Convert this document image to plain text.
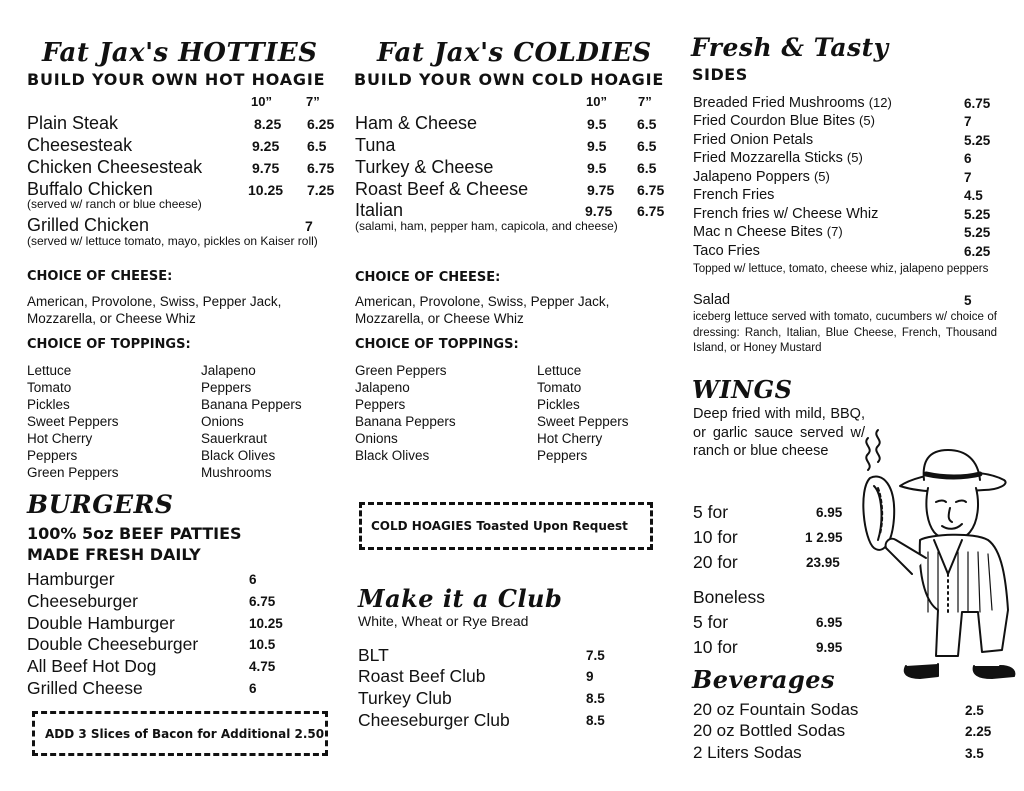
Fat Jax's HOTTIES
BUILD YOUR OWN HOT HOAGIE
10”	7”
Plain Steak	8.25 6.25
Cheesesteak	9.25 6.5
Chicken Cheesesteak	9.75 6.75
Buffalo Chicken	10.25 7.25
(served w/ ranch or blue cheese)
Grilled Chicken	7
(served w/ lettuce tomato, mayo, pickles on Kaiser roll)
CHOICE OF CHEESE:
American, Provolone, Swiss, Pepper Jack, Mozzarella, or Cheese Whiz
CHOICE OF TOPPINGS:
Lettuce
Tomato
Pickles
Sweet Peppers
Hot Cherry
Peppers
Green Peppers
Jalapeno
Peppers
Banana Peppers
Onions
Sauerkraut
Black Olives
Mushrooms
BURGERS
100% 5oz BEEF PATTIES
MADE FRESH DAILY
Hamburger	6
Cheeseburger	6.75
Double Hamburger	10.25
Double Cheeseburger	10.5
All Beef Hot Dog	4.75
Grilled Cheese	6
ADD 3 Slices of Bacon for Additional 2.50
Fat Jax's COLDIES
BUILD YOUR OWN COLD HOAGIE
10” 7”
Ham & Cheese	9.5 6.5
Tuna	9.5 6.5
Turkey & Cheese	9.5 6.5
Roast Beef & Cheese	9.75 6.75
Italian	9.75 6.75
(salami, ham, pepper ham, capicola, and cheese)
CHOICE OF CHEESE:
American, Provolone, Swiss, Pepper Jack, Mozzarella, or Cheese Whiz
CHOICE OF TOPPINGS:
Green Peppers
Jalapeno
Peppers
Banana Peppers
Onions
Black Olives
Lettuce
Tomato
Pickles
Sweet Peppers
Hot Cherry
Peppers
COLD HOAGIES Toasted Upon Request
Make it a Club
White, Wheat or Rye Bread
BLT	7.5
Roast Beef Club	9
Turkey Club	8.5
Cheeseburger Club	8.5
Fresh & Tasty
SIDES
Breaded Fried Mushrooms (12)	6.75
Fried Courdon Blue Bites (5)	7
Fried Onion Petals	5.25
Fried Mozzarella Sticks (5)	6
Jalapeno Poppers (5)	7
French Fries	4.5
French fries w/ Cheese Whiz	5.25
Mac n Cheese Bites (7)	5.25
Taco Fries	6.25
Topped w/ lettuce, tomato, cheese whiz, jalapeno peppers
Salad	5
iceberg lettuce served with tomato, cucumbers w/ choice of dressing: Ranch, Italian, Blue Cheese, French, Thousand Island, or Honey Mustard
WINGS
Deep fried with mild, BBQ, or garlic sauce served w/ ranch or blue cheese
5 for	6.95
10 for	1 2.95
20 for	23.95
Boneless
5 for	6.95
10 for	9.95
Beverages
20 oz Fountain Sodas	2.5
20 oz Bottled Sodas	2.25
2 Liters Sodas	3.5
